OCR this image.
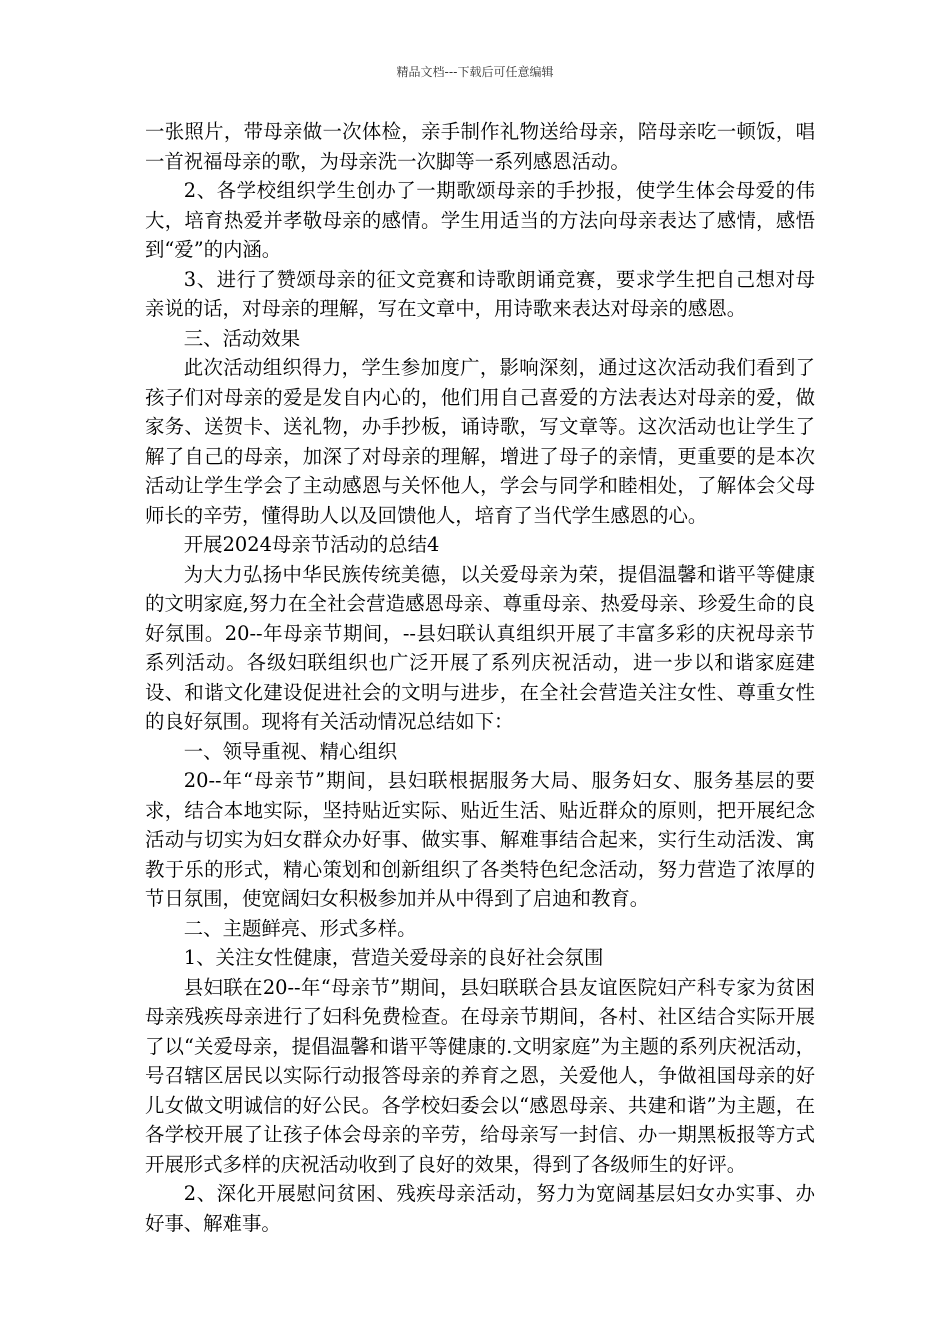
精品文档---下载后可任意编辑

一张照片，带母亲做一次体检，亲手制作礼物送给母亲，陪母亲吃一顿饭，唱一首祝福母亲的歌，为母亲洗一次脚等一系列感恩活动。

2、各学校组织学生创办了一期歌颂母亲的手抄报，使学生体会母爱的伟大，培育热爱并孝敬母亲的感情。学生用适当的方法向母亲表达了感情，感悟到“爱”的内涵。

3、进行了赞颂母亲的征文竞赛和诗歌朗诵竞赛，要求学生把自己想对母亲说的话，对母亲的理解，写在文章中，用诗歌来表达对母亲的感恩。

三、活动效果

此次活动组织得力，学生参加度广，影响深刻，通过这次活动我们看到了孩子们对母亲的爱是发自内心的，他们用自己喜爱的方法表达对母亲的爱，做家务、送贺卡、送礼物，办手抄板，诵诗歌，写文章等。这次活动也让学生了解了自己的母亲，加深了对母亲的理解，增进了母子的亲情，更重要的是本次活动让学生学会了主动感恩与关怀他人，学会与同学和睦相处，了解体会父母师长的辛劳，懂得助人以及回馈他人，培育了当代学生感恩的心。

开展2024母亲节活动的总结4

为大力弘扬中华民族传统美德，以关爱母亲为荣，提倡温馨和谐平等健康的文明家庭,努力在全社会营造感恩母亲、尊重母亲、热爱母亲、珍爱生命的良好氛围。20--年母亲节期间，--县妇联认真组织开展了丰富多彩的庆祝母亲节系列活动。各级妇联组织也广泛开展了系列庆祝活动，进一步以和谐家庭建设、和谐文化建设促进社会的文明与进步，在全社会营造关注女性、尊重女性的良好氛围。现将有关活动情况总结如下：

一、领导重视、精心组织

20--年“母亲节”期间，县妇联根据服务大局、服务妇女、服务基层的要求，结合本地实际，坚持贴近实际、贴近生活、贴近群众的原则，把开展纪念活动与切实为妇女群众办好事、做实事、解难事结合起来，实行生动活泼、寓教于乐的形式，精心策划和创新组织了各类特色纪念活动，努力营造了浓厚的节日氛围，使宽阔妇女积极参加并从中得到了启迪和教育。

二、主题鲜亮、形式多样。

1、关注女性健康，营造关爱母亲的良好社会氛围

县妇联在20--年“母亲节”期间，县妇联联合县友谊医院妇产科专家为贫困母亲残疾母亲进行了妇科免费检查。在母亲节期间，各村、社区结合实际开展了以“关爱母亲，提倡温馨和谐平等健康的.文明家庭”为主题的系列庆祝活动，号召辖区居民以实际行动报答母亲的养育之恩，关爱他人，争做祖国母亲的好儿女做文明诚信的好公民。各学校妇委会以“感恩母亲、共建和谐”为主题，在各学校开展了让孩子体会母亲的辛劳，给母亲写一封信、办一期黑板报等方式开展形式多样的庆祝活动收到了良好的效果，得到了各级师生的好评。

2、深化开展慰问贫困、残疾母亲活动，努力为宽阔基层妇女办实事、办好事、解难事。
